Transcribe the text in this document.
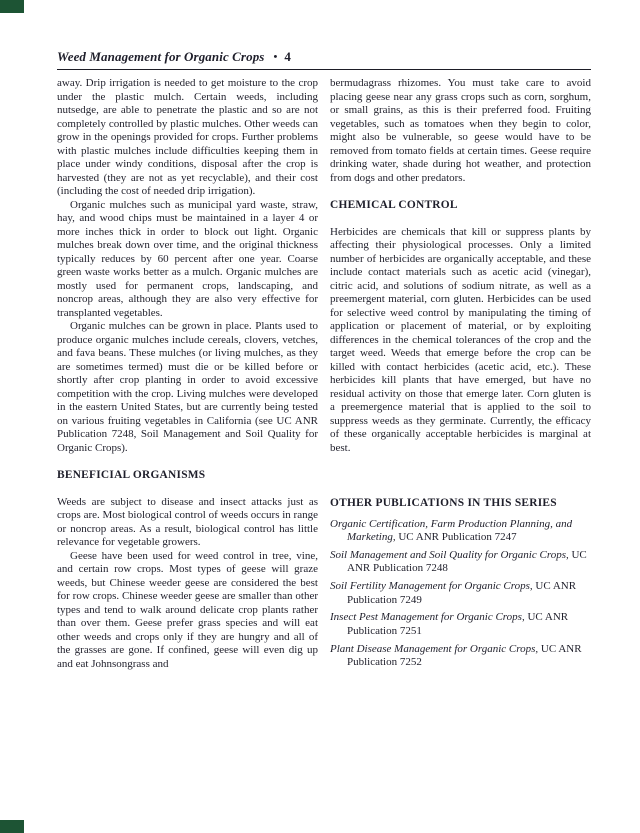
Weed Management for Organic Crops • 4

away. Drip irrigation is needed to get moisture to the crop under the plastic mulch. Certain weeds, including nutsedge, are able to penetrate the plastic and so are not completely controlled by plastic mulches. Other weeds can grow in the openings provided for crops. Further problems with plastic mulches include difficulties keeping them in place under windy conditions, disposal after the crop is harvested (they are not as yet recyclable), and their cost (including the cost of needed drip irrigation).

Organic mulches such as municipal yard waste, straw, hay, and wood chips must be maintained in a layer 4 or more inches thick in order to block out light. Organic mulches break down over time, and the original thickness typically reduces by 60 percent after one year. Coarse green waste works better as a mulch. Organic mulches are mostly used for permanent crops, landscaping, and noncrop areas, although they are also very effective for transplanted vegetables.

Organic mulches can be grown in place. Plants used to produce organic mulches include cereals, clovers, vetches, and fava beans. These mulches (or living mulches, as they are sometimes termed) must die or be killed before or shortly after crop planting in order to avoid excessive competition with the crop. Living mulches were developed in the eastern United States, but are currently being tested on various fruiting vegetables in California (see UC ANR Publication 7248, Soil Management and Soil Quality for Organic Crops).

BENEFICIAL ORGANISMS

Weeds are subject to disease and insect attacks just as crops are. Most biological control of weeds occurs in range or noncrop areas. As a result, biological control has little relevance for vegetable growers.

Geese have been used for weed control in tree, vine, and certain row crops. Most types of geese will graze weeds, but Chinese weeder geese are considered the best for row crops. Chinese weeder geese are smaller than other types and tend to walk around delicate crop plants rather than over them. Geese prefer grass species and will eat other weeds and crops only if they are hungry and all of the grasses are gone. If confined, geese will even dig up and eat Johnsongrass and

bermudagrass rhizomes. You must take care to avoid placing geese near any grass crops such as corn, sorghum, or small grains, as this is their preferred food. Fruiting vegetables, such as tomatoes when they begin to color, might also be vulnerable, so geese would have to be removed from tomato fields at certain times. Geese require drinking water, shade during hot weather, and protection from dogs and other predators.

CHEMICAL CONTROL

Herbicides are chemicals that kill or suppress plants by affecting their physiological processes. Only a limited number of herbicides are organically acceptable, and these include contact materials such as acetic acid (vinegar), citric acid, and solutions of sodium nitrate, as well as a preemergent material, corn gluten. Herbicides can be used for selective weed control by manipulating the timing of application or placement of material, or by exploiting differences in the chemical tolerances of the crop and the target weed. Weeds that emerge before the crop can be killed with contact herbicides (acetic acid, etc.). These herbicides kill plants that have emerged, but have no residual activity on those that emerge later. Corn gluten is a preemergence material that is applied to the soil to suppress weeds as they germinate. Currently, the efficacy of these organically acceptable herbicides is marginal at best.

OTHER PUBLICATIONS IN THIS SERIES
Organic Certification, Farm Production Planning, and Marketing, UC ANR Publication 7247
Soil Management and Soil Quality for Organic Crops, UC ANR Publication 7248
Soil Fertility Management for Organic Crops, UC ANR Publication 7249
Insect Pest Management for Organic Crops, UC ANR Publication 7251
Plant Disease Management for Organic Crops, UC ANR Publication 7252
